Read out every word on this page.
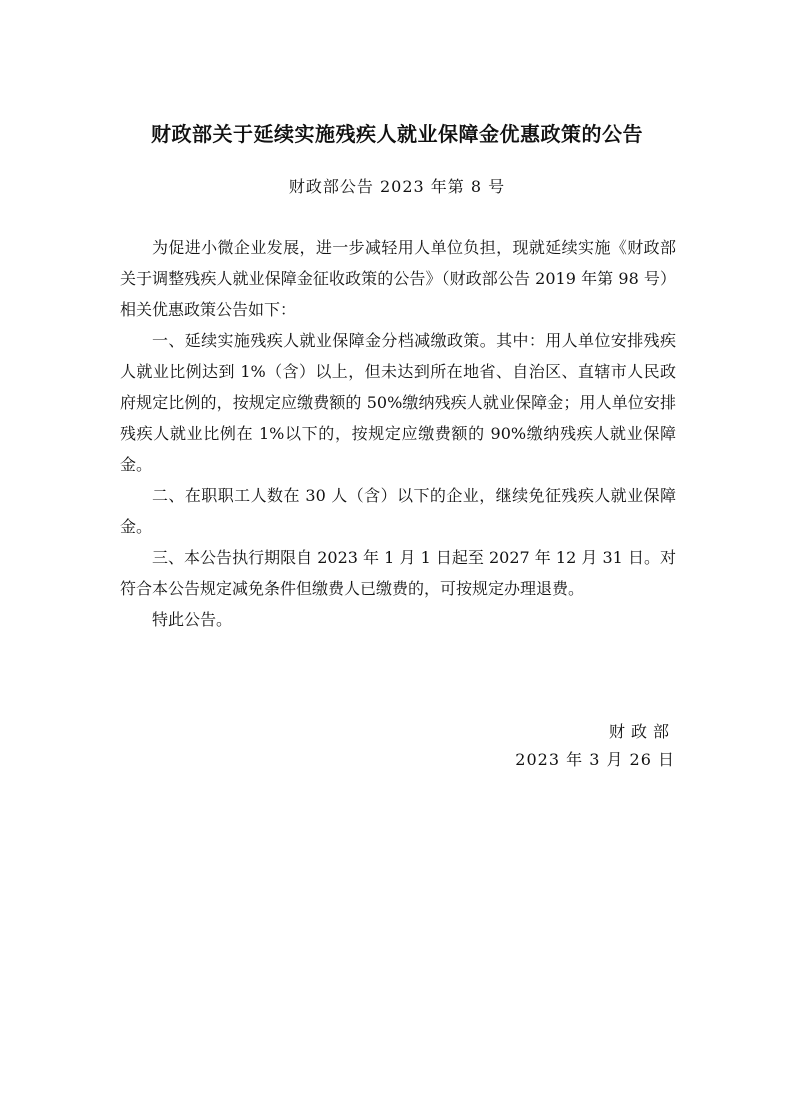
财政部关于延续实施残疾人就业保障金优惠政策的公告
财政部公告 2023 年第 8 号

为促进小微企业发展，进一步减轻用人单位负担，现就延续实施《财政部关于调整残疾人就业保障金征收政策的公告》（财政部公告 2019 年第 98 号）相关优惠政策公告如下：

一、延续实施残疾人就业保障金分档减缴政策。其中：用人单位安排残疾人就业比例达到 1%（含）以上，但未达到所在地省、自治区、直辖市人民政府规定比例的，按规定应缴费额的 50%缴纳残疾人就业保障金；用人单位安排残疾人就业比例在 1%以下的，按规定应缴费额的 90%缴纳残疾人就业保障金。

二、在职职工人数在 30 人（含）以下的企业，继续免征残疾人就业保障金。

三、本公告执行期限自 2023 年 1 月 1 日起至 2027 年 12 月 31 日。对符合本公告规定减免条件但缴费人已缴费的，可按规定办理退费。

特此公告。

财政部
2023 年 3 月 26 日
